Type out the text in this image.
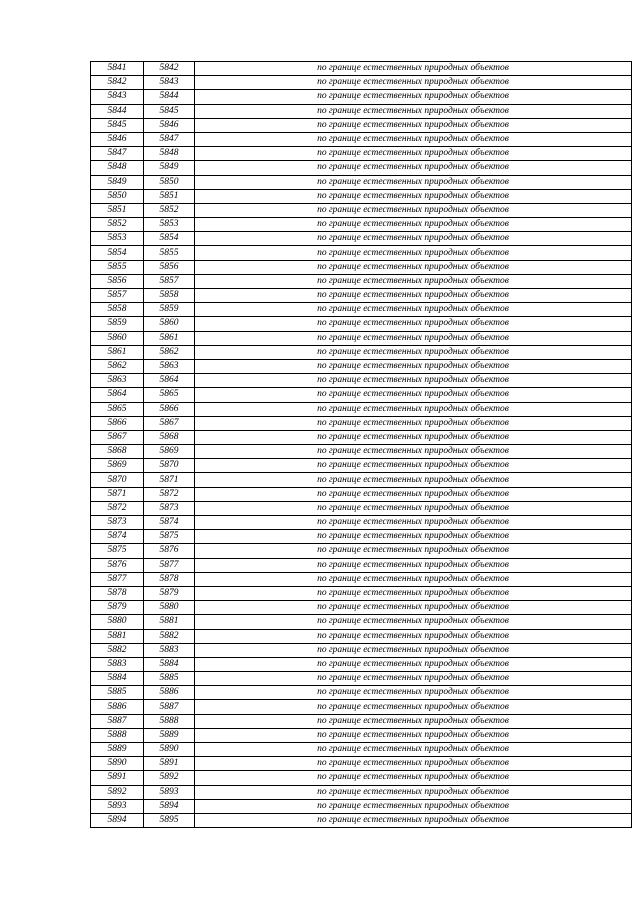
5841	5842	по границе естественных природных объектов
5842	5843	по границе естественных природных объектов
5843	5844	по границе естественных природных объектов
5844	5845	по границе естественных природных объектов
5845	5846	по границе естественных природных объектов
5846	5847	по границе естественных природных объектов
5847	5848	по границе естественных природных объектов
5848	5849	по границе естественных природных объектов
5849	5850	по границе естественных природных объектов
5850	5851	по границе естественных природных объектов
5851	5852	по границе естественных природных объектов
5852	5853	по границе естественных природных объектов
5853	5854	по границе естественных природных объектов
5854	5855	по границе естественных природных объектов
5855	5856	по границе естественных природных объектов
5856	5857	по границе естественных природных объектов
5857	5858	по границе естественных природных объектов
5858	5859	по границе естественных природных объектов
5859	5860	по границе естественных природных объектов
5860	5861	по границе естественных природных объектов
5861	5862	по границе естественных природных объектов
5862	5863	по границе естественных природных объектов
5863	5864	по границе естественных природных объектов
5864	5865	по границе естественных природных объектов
5865	5866	по границе естественных природных объектов
5866	5867	по границе естественных природных объектов
5867	5868	по границе естественных природных объектов
5868	5869	по границе естественных природных объектов
5869	5870	по границе естественных природных объектов
5870	5871	по границе естественных природных объектов
5871	5872	по границе естественных природных объектов
5872	5873	по границе естественных природных объектов
5873	5874	по границе естественных природных объектов
5874	5875	по границе естественных природных объектов
5875	5876	по границе естественных природных объектов
5876	5877	по границе естественных природных объектов
5877	5878	по границе естественных природных объектов
5878	5879	по границе естественных природных объектов
5879	5880	по границе естественных природных объектов
5880	5881	по границе естественных природных объектов
5881	5882	по границе естественных природных объектов
5882	5883	по границе естественных природных объектов
5883	5884	по границе естественных природных объектов
5884	5885	по границе естественных природных объектов
5885	5886	по границе естественных природных объектов
5886	5887	по границе естественных природных объектов
5887	5888	по границе естественных природных объектов
5888	5889	по границе естественных природных объектов
5889	5890	по границе естественных природных объектов
5890	5891	по границе естественных природных объектов
5891	5892	по границе естественных природных объектов
5892	5893	по границе естественных природных объектов
5893	5894	по границе естественных природных объектов
5894	5895	по границе естественных природных объектов
